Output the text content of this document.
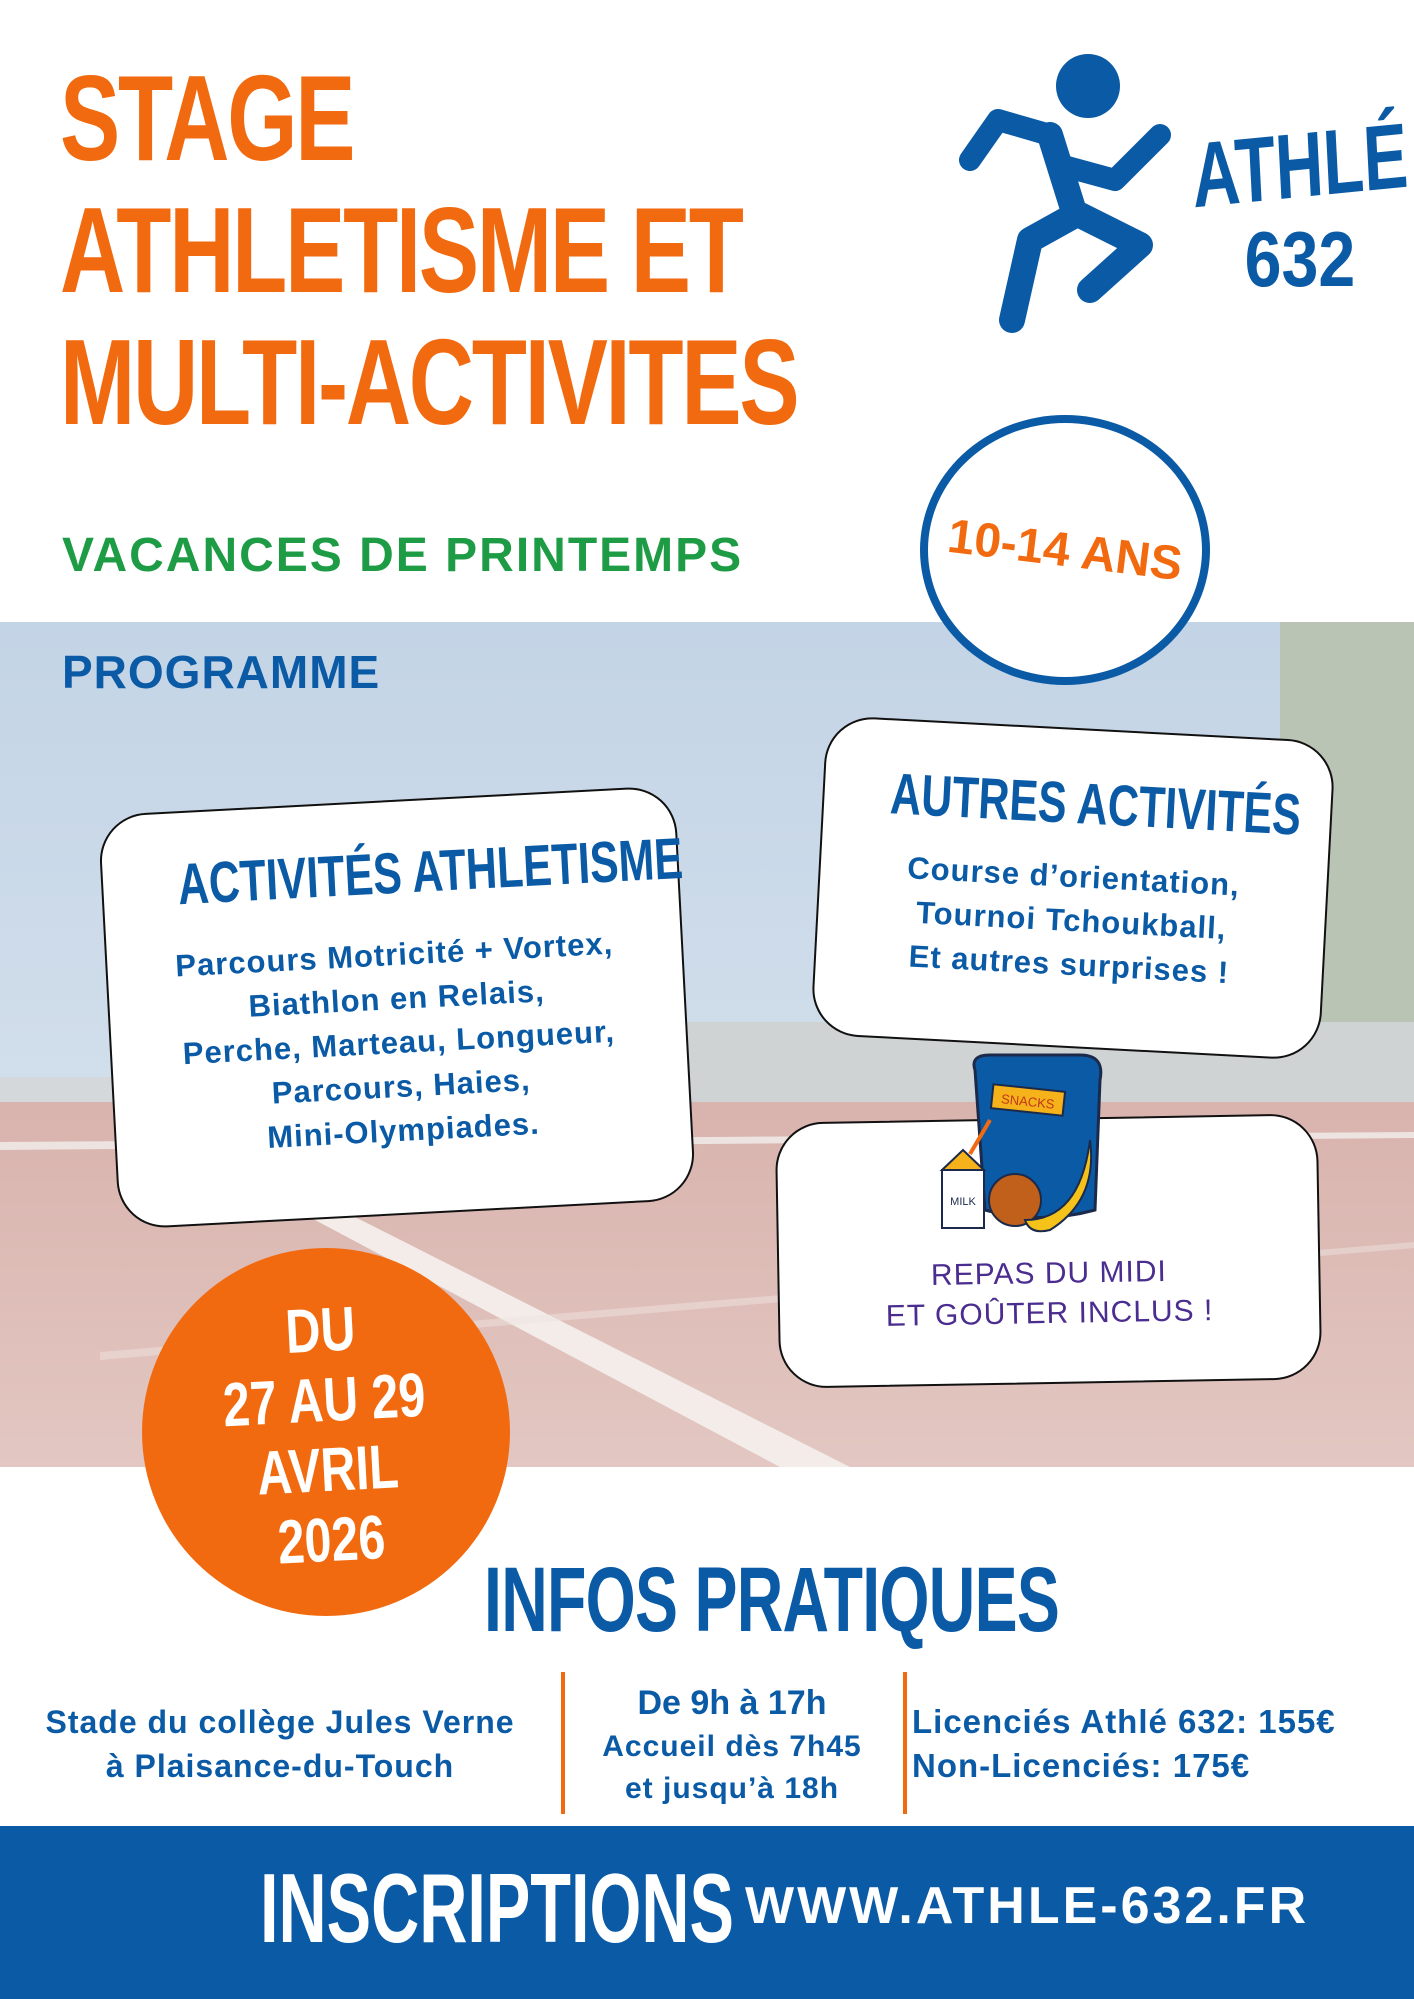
STAGE
ATHLETISME ET
MULTI-ACTIVITES
VACANCES DE PRINTEMPS
ATHLÉ
632
10-14 ANS
PROGRAMME
ACTIVITÉS ATHLETISME

Parcours Motricité + Vortex,

Biathlon en Relais,

Perche, Marteau, Longueur,

Parcours, Haies,

Mini-Olympiades.

AUTRES ACTIVITÉS

Course d’orientation,

Tournoi Tchoukball,

Et autres surprises !

REPAS DU MIDI
ET GOÛTER INCLUS !
SNACKS
MILK
DU
27 AU 29
AVRIL
2026
INFOS PRATIQUES
Stade du collège Jules Verne
à Plaisance-du-Touch
De 9h à 17h
Accueil dès 7h45
et jusqu’à 18h
Licenciés Athlé 632: 155€
Non-Licenciés: 175€
INSCRIPTIONS WWW.ATHLE-632.FR
